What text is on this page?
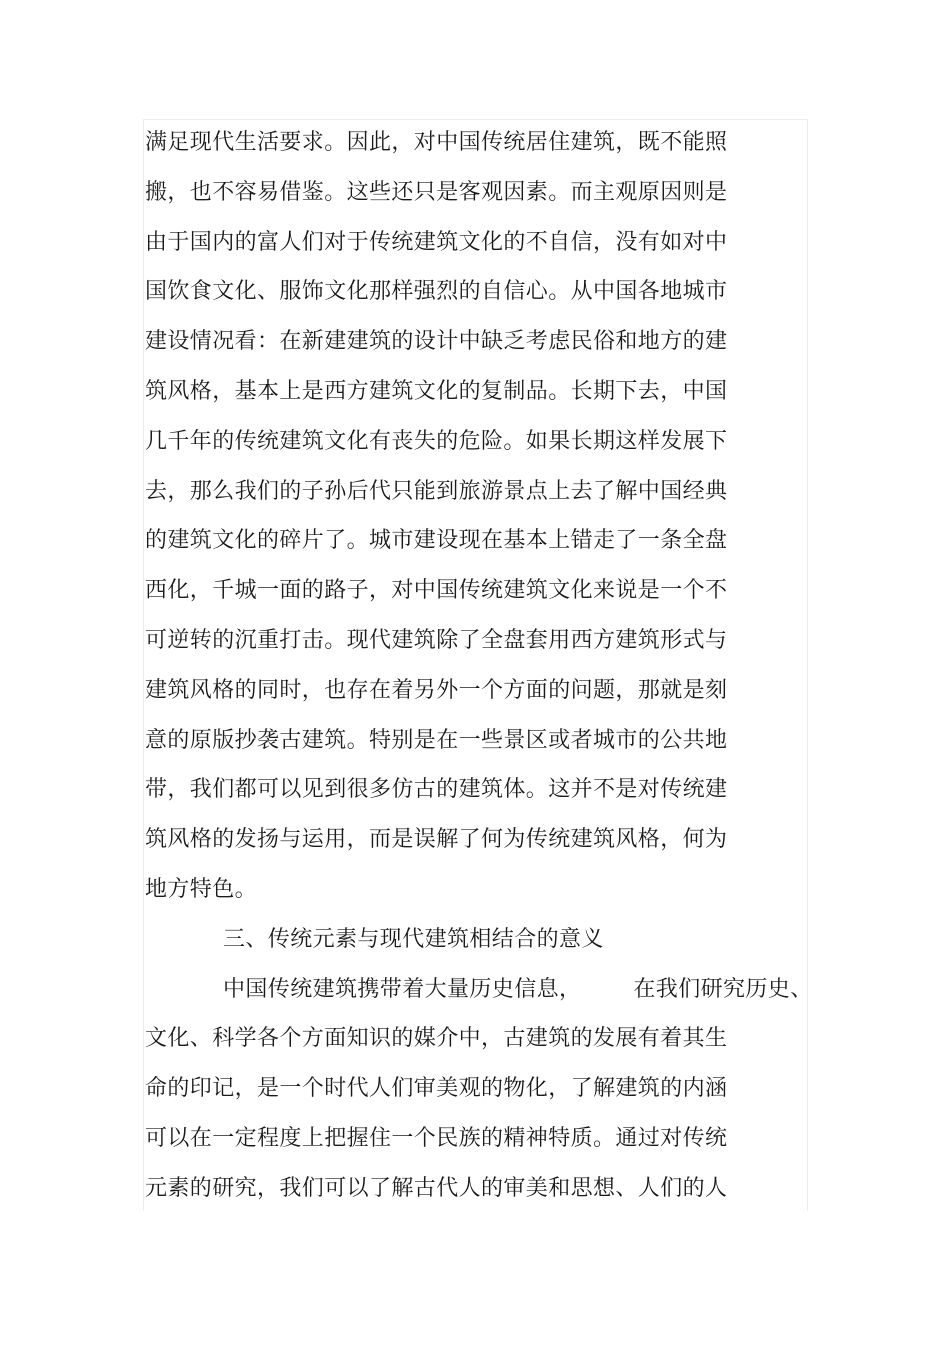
满足现代生活要求。因此，对中国传统居住建筑，既不能照
搬，也不容易借鉴。这些还只是客观因素。而主观原因则是
由于国内的富人们对于传统建筑文化的不自信，没有如对中
国饮食文化、服饰文化那样强烈的自信心。从中国各地城市
建设情况看：在新建建筑的设计中缺乏考虑民俗和地方的建
筑风格，基本上是西方建筑文化的复制品。长期下去，中国
几千年的传统建筑文化有丧失的危险。如果长期这样发展下
去，那么我们的子孙后代只能到旅游景点上去了解中国经典
的建筑文化的碎片了。城市建设现在基本上错走了一条全盘
西化，千城一面的路子，对中国传统建筑文化来说是一个不
可逆转的沉重打击。现代建筑除了全盘套用西方建筑形式与
建筑风格的同时，也存在着另外一个方面的问题，那就是刻
意的原版抄袭古建筑。特别是在一些景区或者城市的公共地
带，我们都可以见到很多仿古的建筑体。这并不是对传统建
筑风格的发扬与运用，而是误解了何为传统建筑风格，何为
地方特色。
三、传统元素与现代建筑相结合的意义
中国传统建筑携带着大量历史信息， 在我们研究历史、
文化、科学各个方面知识的媒介中，古建筑的发展有着其生
命的印记，是一个时代人们审美观的物化，了解建筑的内涵
可以在一定程度上把握住一个民族的精神特质。通过对传统
元素的研究，我们可以了解古代人的审美和思想、人们的人
